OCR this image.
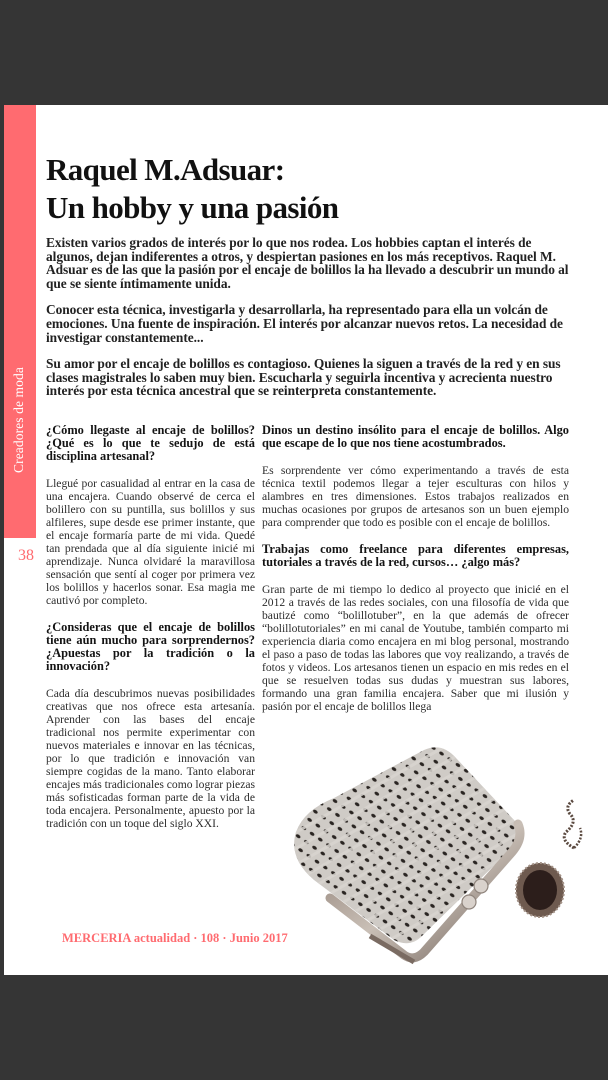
Creadores de moda
38
Raquel M.Adsuar:
Un hobby y una pasión

Existen varios grados de interés por lo que nos rodea. Los hobbies captan el interés de algunos, dejan indiferentes a otros, y despiertan pasiones en los más receptivos. Raquel M. Adsuar es de las que la pasión por el encaje de bolillos la ha llevado a descubrir un mundo al que se siente íntimamente unida.

Conocer esta técnica, investigarla y desarrollarla, ha representado para ella un volcán de emociones. Una fuente de inspiración. El interés por alcanzar nuevos retos. La necesidad de investigar constantemente...

Su amor por el encaje de bolillos es contagioso. Quienes la siguen a través de la red y en sus clases magistrales lo saben muy bien. Escucharla y seguirla incentiva y acrecienta nuestro interés por esta técnica ancestral que se reinterpreta constantemente.

¿Cómo llegaste al encaje de bolillos? ¿Qué es lo que te sedujo de está disciplina artesanal?

Llegué por casualidad al entrar en la casa de una encajera. Cuando observé de cerca el bolillero con su puntilla, sus bolillos y sus alfileres, supe desde ese primer instante, que el encaje formaría parte de mi vida. Quedé tan prendada que al día siguiente inicié mi aprendizaje. Nunca olvidaré la maravillosa sensación que sentí al coger por primera vez los bolillos y hacerlos sonar. Esa magia me cautivó por completo.

¿Consideras que el encaje de bolillos tiene aún mucho para sorprendernos? ¿Apuestas por la tradición o la innovación?

Cada día descubrimos nuevas posibilidades creativas que nos ofrece esta artesanía. Aprender con las bases del encaje tradicional nos permite experimentar con nuevos materiales e innovar en las técnicas, por lo que tradición e innovación van siempre cogidas de la mano. Tanto elaborar encajes más tradicionales como lograr piezas más sofisticadas forman parte de la vida de toda encajera. Personalmente, apuesto por la tradición con un toque del siglo XXI.

Dinos un destino insólito para el encaje de bolillos. Algo que escape de lo que nos tiene acostumbrados.

Es sorprendente ver cómo experimentando a través de esta técnica textil podemos llegar a tejer esculturas con hilos y alambres en tres dimensiones. Estos trabajos realizados en muchas ocasiones por grupos de artesanos son un buen ejemplo para comprender que todo es posible con el encaje de bolillos.

Trabajas como freelance para diferentes empresas, tutoriales a través de la red, cursos… ¿algo más?

Gran parte de mi tiempo lo dedico al proyecto que inicié en el 2012 a través de las redes sociales, con una filosofía de vida que bautizé como “bolillotuber”, en la que además de ofrecer “bolillotutoriales” en mi canal de Youtube, también comparto mi experiencia diaria como encajera en mi blog personal, mostrando el paso a paso de todas las labores que voy realizando, a través de fotos y videos. Los artesanos tienen un espacio en mis redes en el que se resuelven todas sus dudas y muestran sus labores, formando una gran familia encajera. Saber que mi ilusión y pasión por el encaje de bolillos llega

MERCERIA actualidad · 108 · Junio 2017
